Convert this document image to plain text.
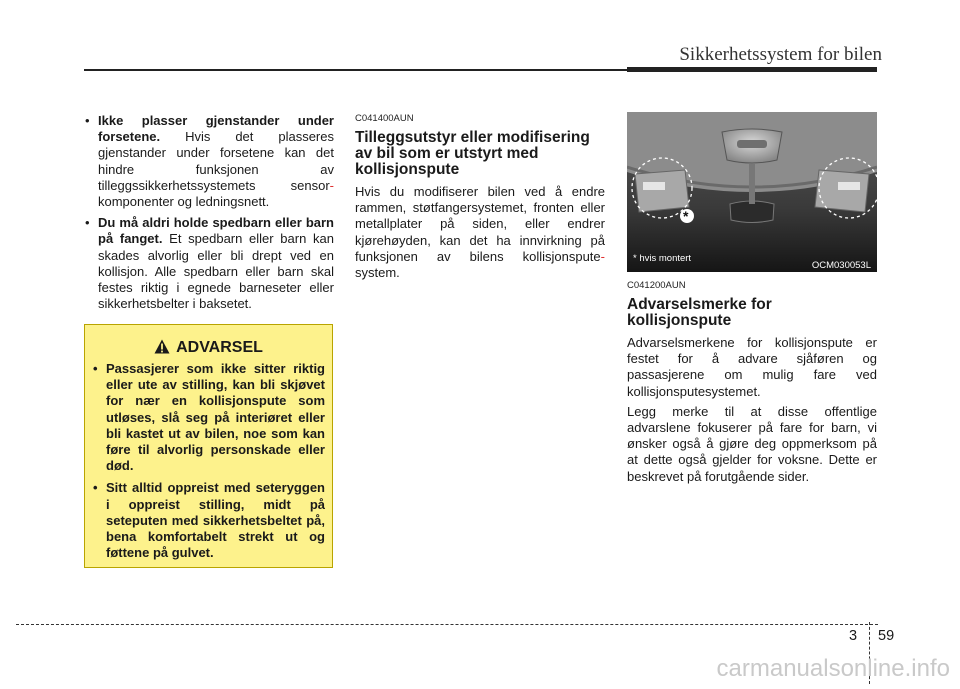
Sikkerhetssystem for bilen
• Ikke plasser gjenstander under forsetene. Hvis det plasseres gjenstander under forsetene kan det hindre funksjonen av tilleggssikkerhetssystemets sensor- komponenter og ledningsnett.
• Du må aldri holde spedbarn eller barn på fanget. Et spedbarn eller barn kan skades alvorlig eller bli drept ved en kollisjon. Alle spedbarn eller barn skal festes riktig i egnede barneseter eller sikkerhetsbelter i baksetet.
ADVARSEL
• Passasjerer som ikke sitter riktig eller ute av stilling, kan bli skjøvet for nær en kollisjonspute som utløses, slå seg på interiøret eller bli kastet ut av bilen, noe som kan føre til alvorlig personskade eller død.
• Sitt alltid oppreist med seteryggen i oppreist stilling, midt på seteputen med sikkerhetsbeltet på, bena komfortabelt strekt ut og føttene på gulvet.
C041400AUN
Tilleggsutstyr eller modifisering av bil som er utstyrt med kollisjonspute
Hvis du modifiserer bilen ved å endre rammen, støtfangersystemet, fronten eller metallplater på siden, eller endrer kjørehøyden, kan det ha innvirkning på funksjonen av bilens kollisjonspute- system.
*
* hvis montert
OCM030053L
C041200AUN
Advarselsmerke for kollisjonspute
Advarselsmerkene for kollisjonspute er festet for å advare sjåføren og passasjerene om mulig fare ved kollisjonsputesystemet.
Legg merke til at disse offentlige advarslene fokuserer på fare for barn, vi ønsker også å gjøre deg oppmerksom på at dette også gjelder for voksne. Dette er beskrevet på forutgående sider.
3 59
carmanualsonline.info
